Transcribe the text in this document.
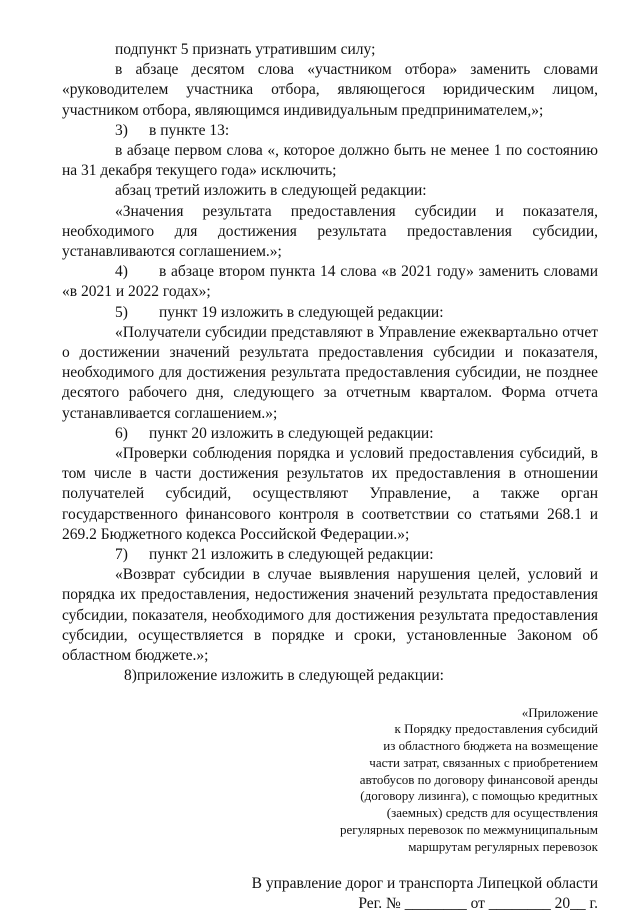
подпункт 5 признать утратившим силу;

в абзаце десятом слова «участником отбора» заменить словами «руководителем участника отбора, являющегося юридическим лицом, участником отбора, являющимся индивидуальным предпринимателем,»;

3) в пункте 13:

в абзаце первом слова «, которое должно быть не менее 1 по состоянию на 31 декабря текущего года» исключить;

абзац третий изложить в следующей редакции:

«Значения результата предоставления субсидии и показателя, необходимого для достижения результата предоставления субсидии, устанавливаются соглашением.»;

4) в абзаце втором пункта 14 слова «в 2021 году» заменить словами «в 2021 и 2022 годах»;

5) пункт 19 изложить в следующей редакции:

«Получатели субсидии представляют в Управление ежеквартально отчет о достижении значений результата предоставления субсидии и показателя, необходимого для достижения результата предоставления субсидии, не позднее десятого рабочего дня, следующего за отчетным кварталом. Форма отчета устанавливается соглашением.»;

6) пункт 20 изложить в следующей редакции:

«Проверки соблюдения порядка и условий предоставления субсидий, в том числе в части достижения результатов их предоставления в отношении получателей субсидий, осуществляют Управление, а также орган государственного финансового контроля в соответствии со статьями 268.1 и 269.2 Бюджетного кодекса Российской Федерации.»;

7) пункт 21 изложить в следующей редакции:

«Возврат субсидии в случае выявления нарушения целей, условий и порядка их предоставления, недостижения значений результата предоставления субсидии, показателя, необходимого для достижения результата предоставления субсидии, осуществляется в порядке и сроки, установленные Законом об областном бюджете.»;

8)приложение изложить в следующей редакции:

«Приложение
к Порядку предоставления субсидий
из областного бюджета на возмещение
части затрат, связанных с приобретением
автобусов по договору финансовой аренды
(договору лизинга), с помощью кредитных
(заемных) средств для осуществления
регулярных перевозок по межмуниципальным
маршрутам регулярных перевозок
В управление дорог и транспорта Липецкой области
Рег. № ________ от ________ 20__ г.
